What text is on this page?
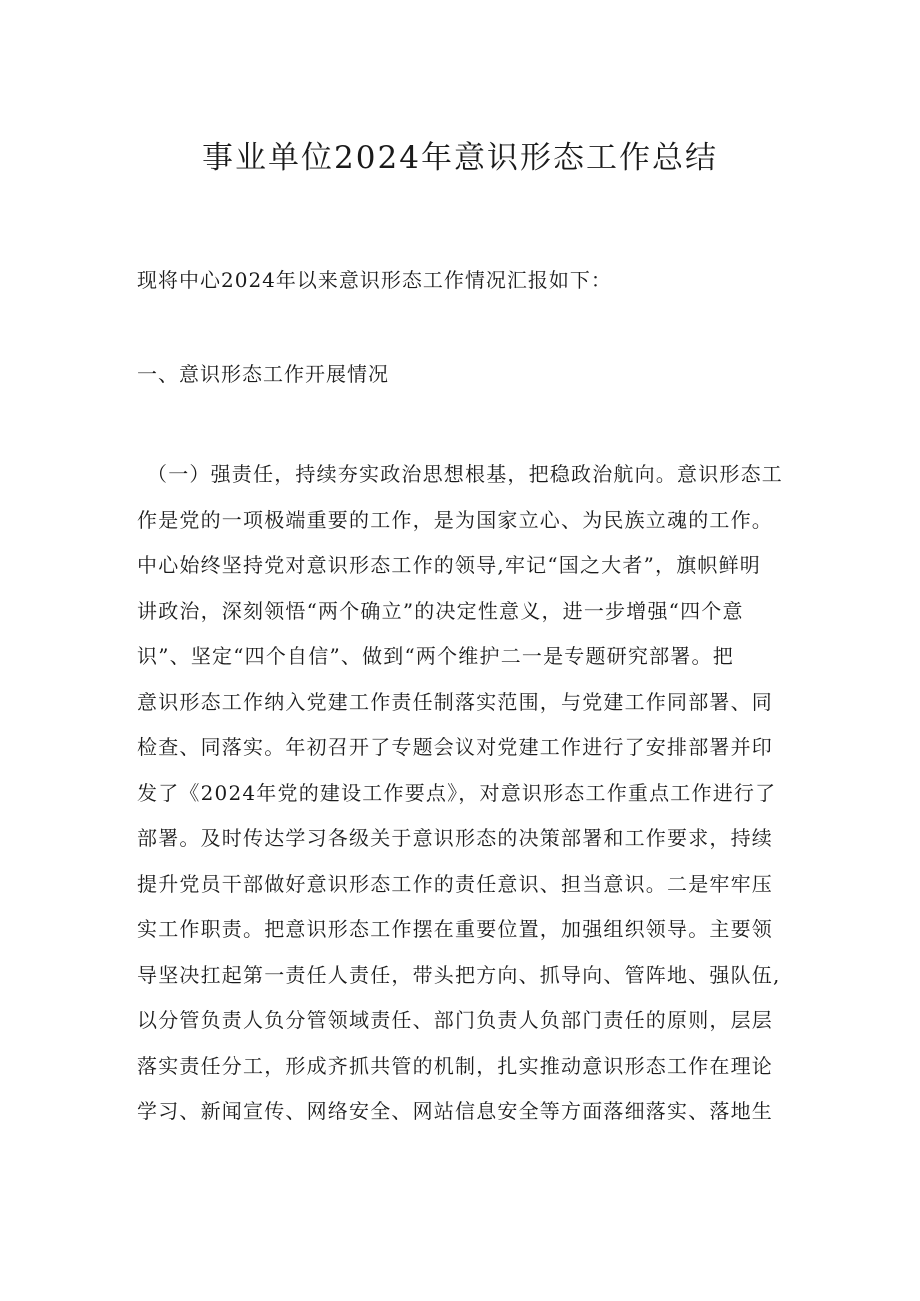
事业单位2024年意识形态工作总结

现将中心2024年以来意识形态工作情况汇报如下：

一、意识形态工作开展情况

（一）强责任，持续夯实政治思想根基，把稳政治航向。意识形态工
作是党的一项极端重要的工作，是为国家立心、为民族立魂的工作。
中心始终坚持党对意识形态工作的领导,牢记“国之大者”，旗帜鲜明
讲政治，深刻领悟“两个确立”的决定性意义，进一步增强“四个意
识”、坚定“四个自信”、做到“两个维护二一是专题研究部署。把
意识形态工作纳入党建工作责任制落实范围，与党建工作同部署、同
检查、同落实。年初召开了专题会议对党建工作进行了安排部署并印
发了《2024年党的建设工作要点》，对意识形态工作重点工作进行了
部署。及时传达学习各级关于意识形态的决策部署和工作要求，持续
提升党员干部做好意识形态工作的责任意识、担当意识。二是牢牢压
实工作职责。把意识形态工作摆在重要位置，加强组织领导。主要领
导坚决扛起第一责任人责任，带头把方向、抓导向、管阵地、强队伍,
以分管负责人负分管领域责任、部门负责人负部门责任的原则，层层
落实责任分工，形成齐抓共管的机制，扎实推动意识形态工作在理论
学习、新闻宣传、网络安全、网站信息安全等方面落细落实、落地生
